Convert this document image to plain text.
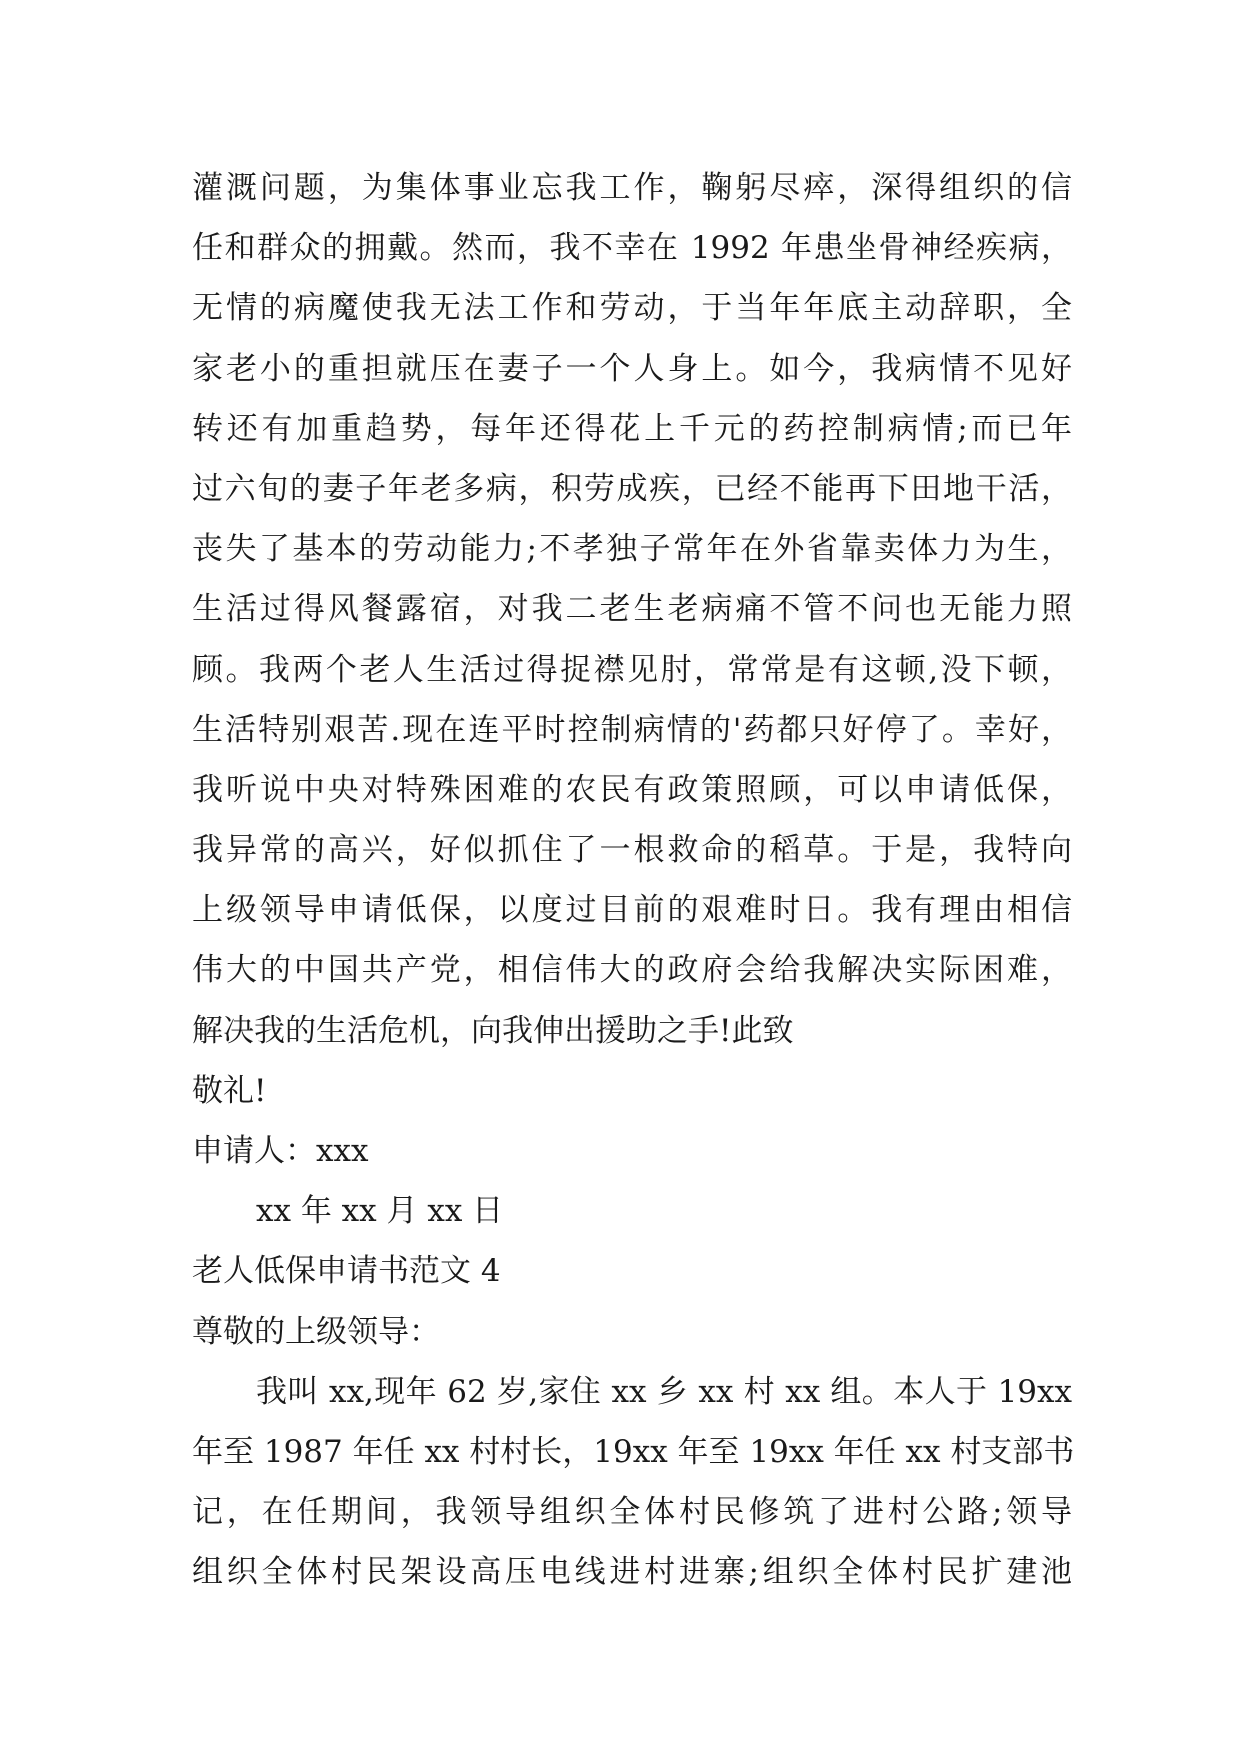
灌溉问题，为集体事业忘我工作，鞠躬尽瘁，深得组织的信
任和群众的拥戴。然而，我不幸在 1992 年患坐骨神经疾病，
无情的病魔使我无法工作和劳动，于当年年底主动辞职，全
家老小的重担就压在妻子一个人身上。如今，我病情不见好
转还有加重趋势，每年还得花上千元的药控制病情;而已年
过六旬的妻子年老多病，积劳成疾，已经不能再下田地干活，
丧失了基本的劳动能力;不孝独子常年在外省靠卖体力为生，
生活过得风餐露宿，对我二老生老病痛不管不问也无能力照
顾。我两个老人生活过得捉襟见肘，常常是有这顿,没下顿，
生活特别艰苦.现在连平时控制病情的'药都只好停了。幸好，
我听说中央对特殊困难的农民有政策照顾，可以申请低保，
我异常的高兴，好似抓住了一根救命的稻草。于是，我特向
上级领导申请低保，以度过目前的艰难时日。我有理由相信
伟大的中国共产党，相信伟大的政府会给我解决实际困难，
解决我的生活危机，向我伸出援助之手!此致
敬礼!
申请人：xxx
xx 年 xx 月 xx 日
老人低保申请书范文 4
尊敬的上级领导：
我叫 xx,现年 62 岁,家住 xx 乡 xx 村 xx 组。本人于 19xx
年至 1987 年任 xx 村村长，19xx 年至 19xx 年任 xx 村支部书
记，在任期间，我领导组织全体村民修筑了进村公路;领导
组织全体村民架设高压电线进村进寨;组织全体村民扩建池
